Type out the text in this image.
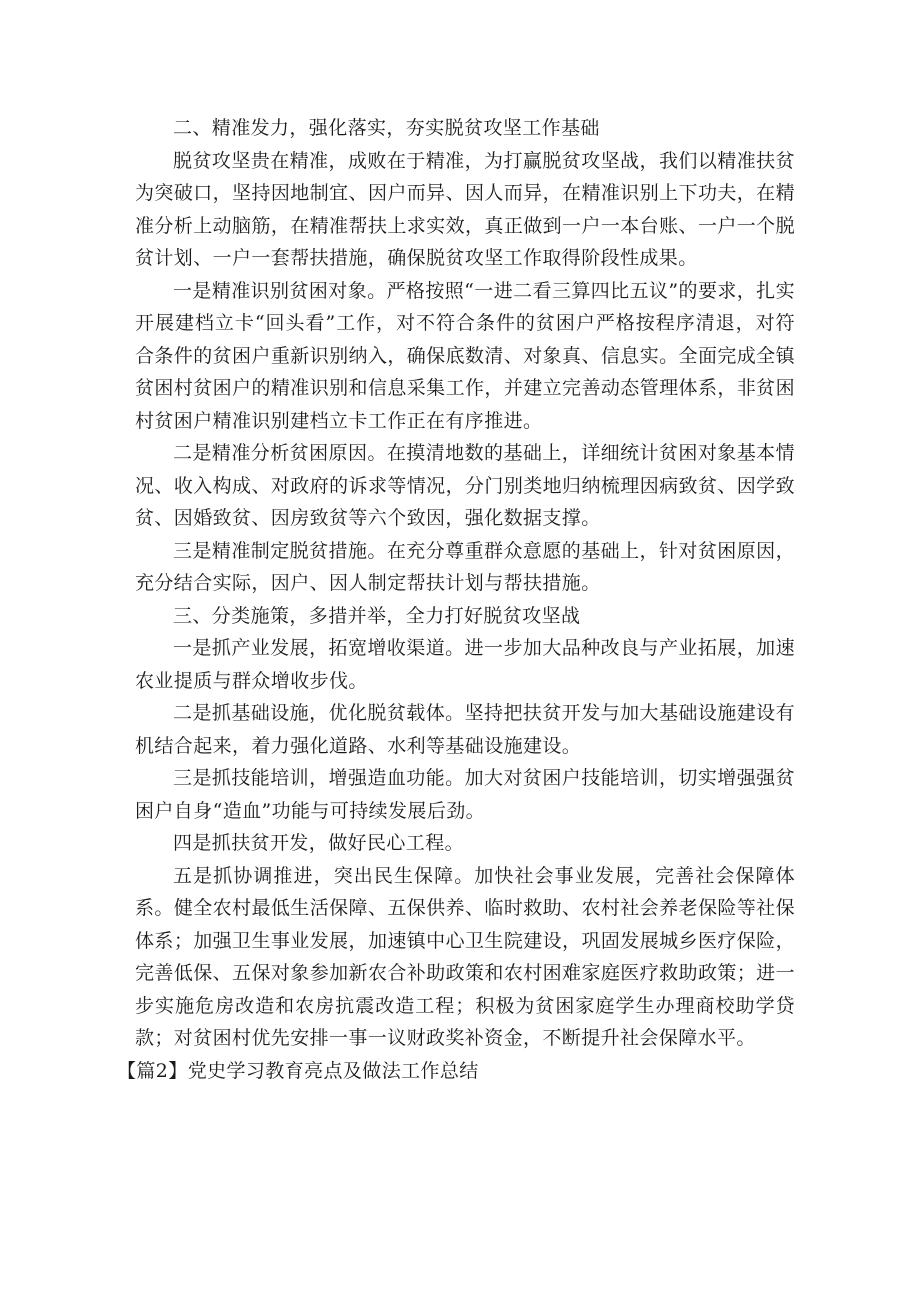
二、精准发力，强化落实，夯实脱贫攻坚工作基础

脱贫攻坚贵在精准，成败在于精准，为打赢脱贫攻坚战，我们以精准扶贫为突破口，坚持因地制宜、因户而异、因人而异，在精准识别上下功夫，在精准分析上动脑筋，在精准帮扶上求实效，真正做到一户一本台账、一户一个脱贫计划、一户一套帮扶措施，确保脱贫攻坚工作取得阶段性成果。

一是精准识别贫困对象。严格按照“一进二看三算四比五议”的要求，扎实开展建档立卡“回头看”工作，对不符合条件的贫困户严格按程序清退，对符合条件的贫困户重新识别纳入，确保底数清、对象真、信息实。全面完成全镇贫困村贫困户的精准识别和信息采集工作，并建立完善动态管理体系，非贫困村贫困户精准识别建档立卡工作正在有序推进。

二是精准分析贫困原因。在摸清地数的基础上，详细统计贫困对象基本情况、收入构成、对政府的诉求等情况，分门别类地归纳梳理因病致贫、因学致贫、因婚致贫、因房致贫等六个致因，强化数据支撑。

三是精准制定脱贫措施。在充分尊重群众意愿的基础上，针对贫困原因，充分结合实际，因户、因人制定帮扶计划与帮扶措施。

三、分类施策，多措并举，全力打好脱贫攻坚战

一是抓产业发展，拓宽增收渠道。进一步加大品种改良与产业拓展，加速农业提质与群众增收步伐。

二是抓基础设施，优化脱贫载体。坚持把扶贫开发与加大基础设施建设有机结合起来，着力强化道路、水利等基础设施建设。

三是抓技能培训，增强造血功能。加大对贫困户技能培训，切实增强强贫困户自身“造血”功能与可持续发展后劲。

四是抓扶贫开发，做好民心工程。

五是抓协调推进，突出民生保障。加快社会事业发展，完善社会保障体系。健全农村最低生活保障、五保供养、临时救助、农村社会养老保险等社保体系；加强卫生事业发展，加速镇中心卫生院建设，巩固发展城乡医疗保险，完善低保、五保对象参加新农合补助政策和农村困难家庭医疗救助政策；进一步实施危房改造和农房抗震改造工程；积极为贫困家庭学生办理商校助学贷款；对贫困村优先安排一事一议财政奖补资金，不断提升社会保障水平。

【篇2】党史学习教育亮点及做法工作总结
